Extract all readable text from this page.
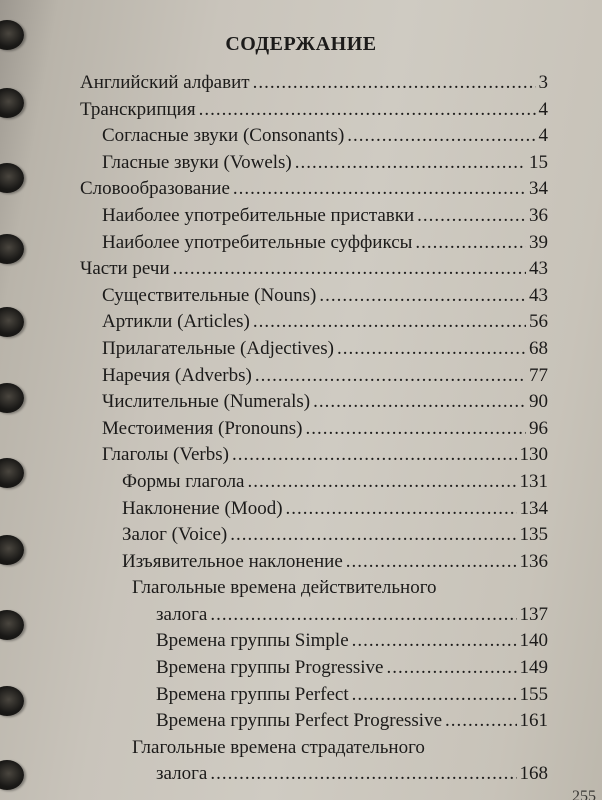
СОДЕРЖАНИЕ
Английский алфавит .....	3
Транскрипция .....	4
Согласные звуки (Consonants) .....	4
Гласные звуки (Vowels) .....	15
Словообразование .....	34
Наиболее употребительные приставки .....	36
Наиболее употребительные суффиксы .....	39
Части речи .....	43
Существительные (Nouns) .....	43
Артикли (Articles) .....	56
Прилагательные (Adjectives) .....	68
Наречия (Adverbs) .....	77
Числительные (Numerals) .....	90
Местоимения (Pronouns) .....	96
Глаголы (Verbs) .....	130
Формы глагола .....	131
Наклонение (Mood) .....	134
Залог (Voice) .....	135
Изъявительное наклонение .....	136
Глагольные времена действительного
залога .....	137
Времена группы Simple .....	140
Времена группы Progressive .....	149
Времена группы Perfect .....	155
Времена группы Perfect Progressive .....	161
Глагольные времена страдательного
залога .....	168
255
